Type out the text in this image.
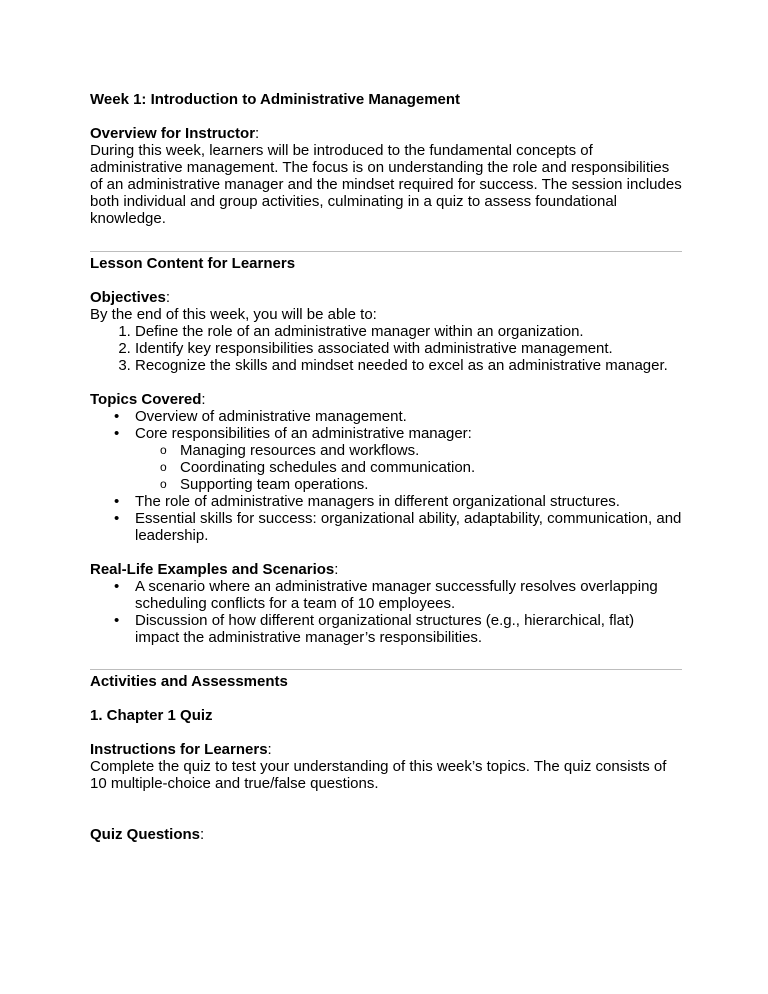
Week 1: Introduction to Administrative Management

Overview for Instructor:

During this week, learners will be introduced to the fundamental concepts of administrative management. The focus is on understanding the role and responsibilities of an administrative manager and the mindset required for success. The session includes both individual and group activities, culminating in a quiz to assess foundational knowledge.

Lesson Content for Learners

Objectives:

By the end of this week, you will be able to:

1. Define the role of an administrative manager within an organization.
2. Identify key responsibilities associated with administrative management.
3. Recognize the skills and mindset needed to excel as an administrative manager.

Topics Covered:

• Overview of administrative management.
• Core responsibilities of an administrative manager:
o Managing resources and workflows.
o Coordinating schedules and communication.
o Supporting team operations.
• The role of administrative managers in different organizational structures.
• Essential skills for success: organizational ability, adaptability, communication, and leadership.

Real-Life Examples and Scenarios:

• A scenario where an administrative manager successfully resolves overlapping scheduling conflicts for a team of 10 employees.
• Discussion of how different organizational structures (e.g., hierarchical, flat) impact the administrative manager’s responsibilities.

Activities and Assessments

1. Chapter 1 Quiz

Instructions for Learners:

Complete the quiz to test your understanding of this week’s topics. The quiz consists of 10 multiple-choice and true/false questions.

Quiz Questions:
